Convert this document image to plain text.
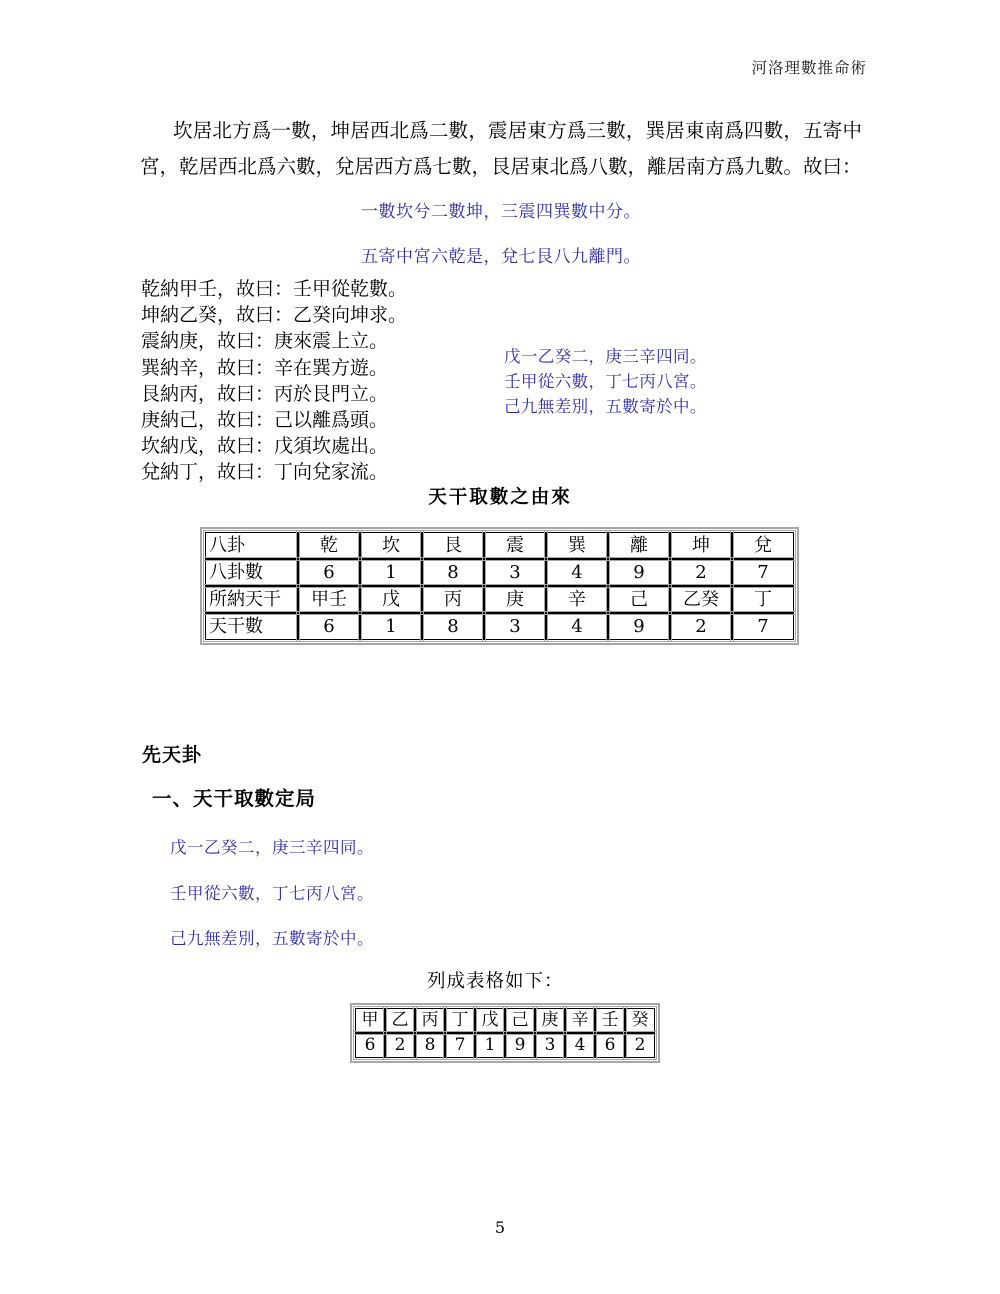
河洛理數推命術
坎居北方爲一數，坤居西北爲二數，震居東方爲三數，巽居東南爲四數，五寄中宮，乾居西北爲六數，兌居西方爲七數，艮居東北爲八數，離居南方爲九數。故曰：
一數坎兮二數坤，三震四巽數中分。
五寄中宮六乾是，兌七艮八九離門。
乾納甲壬，故曰：壬甲從乾數。
坤納乙癸，故曰：乙癸向坤求。
震納庚，故曰：庚來震上立。
巽納辛，故曰：辛在巽方遊。
艮納丙，故曰：丙於艮門立。
庚納己，故曰：己以離爲頭。
坎納戊，故曰：戊須坎處出。
兌納丁，故曰：丁向兌家流。
戊一乙癸二，庚三辛四同。
壬甲從六數，丁七丙八宮。
己九無差別，五數寄於中。
天干取數之由來
八卦	乾	坎	艮	震	巽	離	坤	兌
八卦數	6	1	8	3	4	9	2	7
所納天干	甲壬	戊	丙	庚	辛	己	乙癸	丁
天干數	6	1	8	3	4	9	2	7
先天卦
一、天干取數定局
戊一乙癸二，庚三辛四同。
壬甲從六數，丁七丙八宮。
己九無差別，五數寄於中。
列成表格如下：
甲	乙	丙	丁	戊	己	庚	辛	壬	癸
6	2	8	7	1	9	3	4	6	2
5
